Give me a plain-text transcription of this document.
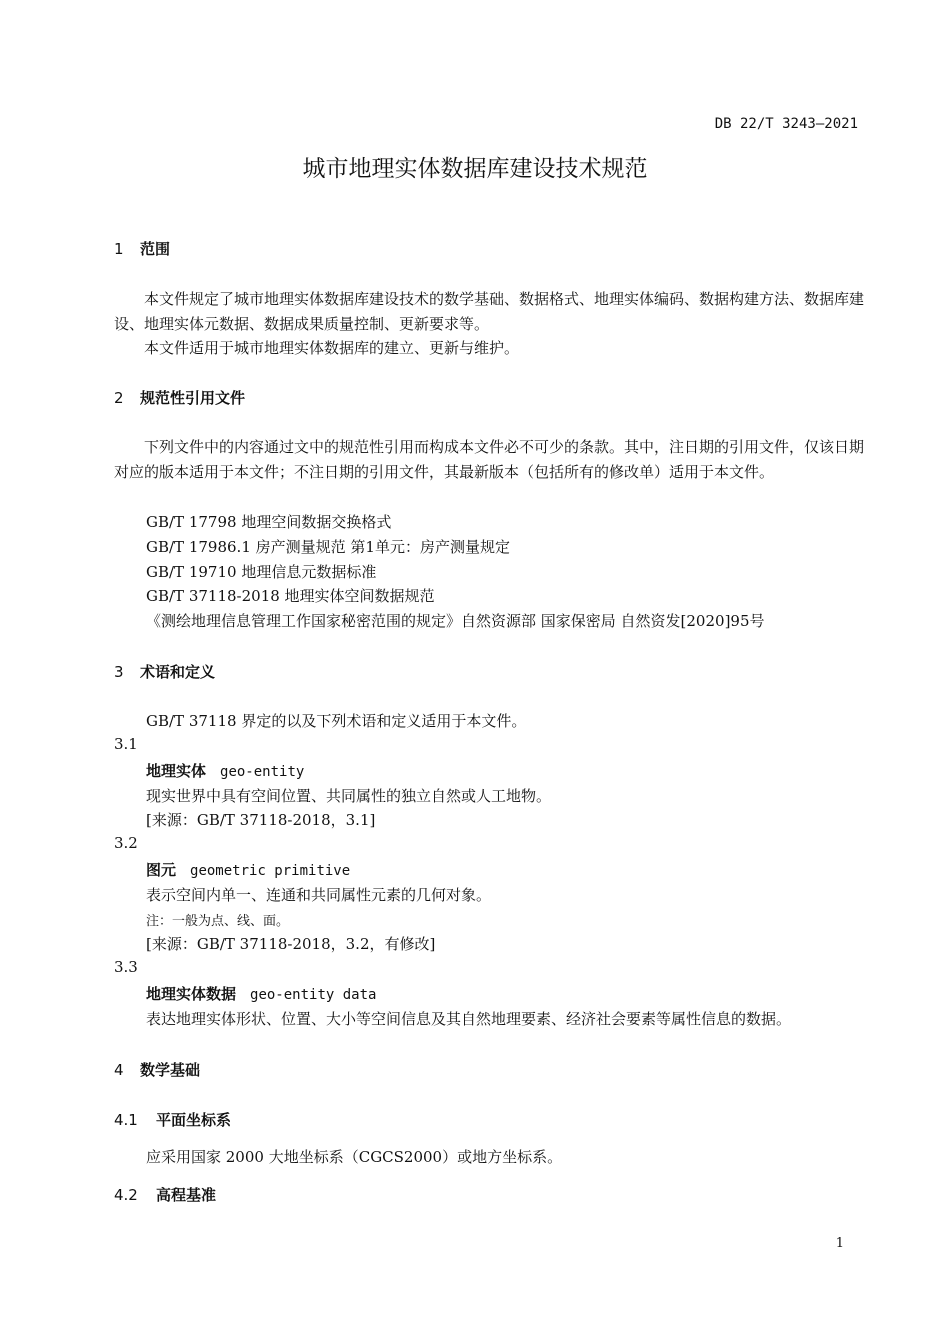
DB 22/T 3243—2021
城市地理实体数据库建设技术规范
1 范围
本文件规定了城市地理实体数据库建设技术的数学基础、数据格式、地理实体编码、数据构建方法、数据库建设、地理实体元数据、数据成果质量控制、更新要求等。
本文件适用于城市地理实体数据库的建立、更新与维护。
2 规范性引用文件
下列文件中的内容通过文中的规范性引用而构成本文件必不可少的条款。其中，注日期的引用文件，仅该日期对应的版本适用于本文件；不注日期的引用文件，其最新版本（包括所有的修改单）适用于本文件。
GB/T 17798 地理空间数据交换格式
GB/T 17986.1 房产测量规范 第1单元：房产测量规定
GB/T 19710 地理信息元数据标准
GB/T 37118-2018 地理实体空间数据规范
《测绘地理信息管理工作国家秘密范围的规定》自然资源部 国家保密局 自然资发[2020]95号
3 术语和定义
GB/T 37118 界定的以及下列术语和定义适用于本文件。
3.1
地理实体 geo-entity
现实世界中具有空间位置、共同属性的独立自然或人工地物。
[来源：GB/T 37118-2018，3.1]
3.2
图元 geometric primitive
表示空间内单一、连通和共同属性元素的几何对象。
注：一般为点、线、面。
[来源：GB/T 37118-2018，3.2，有修改]
3.3
地理实体数据 geo-entity data
表达地理实体形状、位置、大小等空间信息及其自然地理要素、经济社会要素等属性信息的数据。
4 数学基础
4.1 平面坐标系
应采用国家 2000 大地坐标系（CGCS2000）或地方坐标系。
4.2 高程基准
1
